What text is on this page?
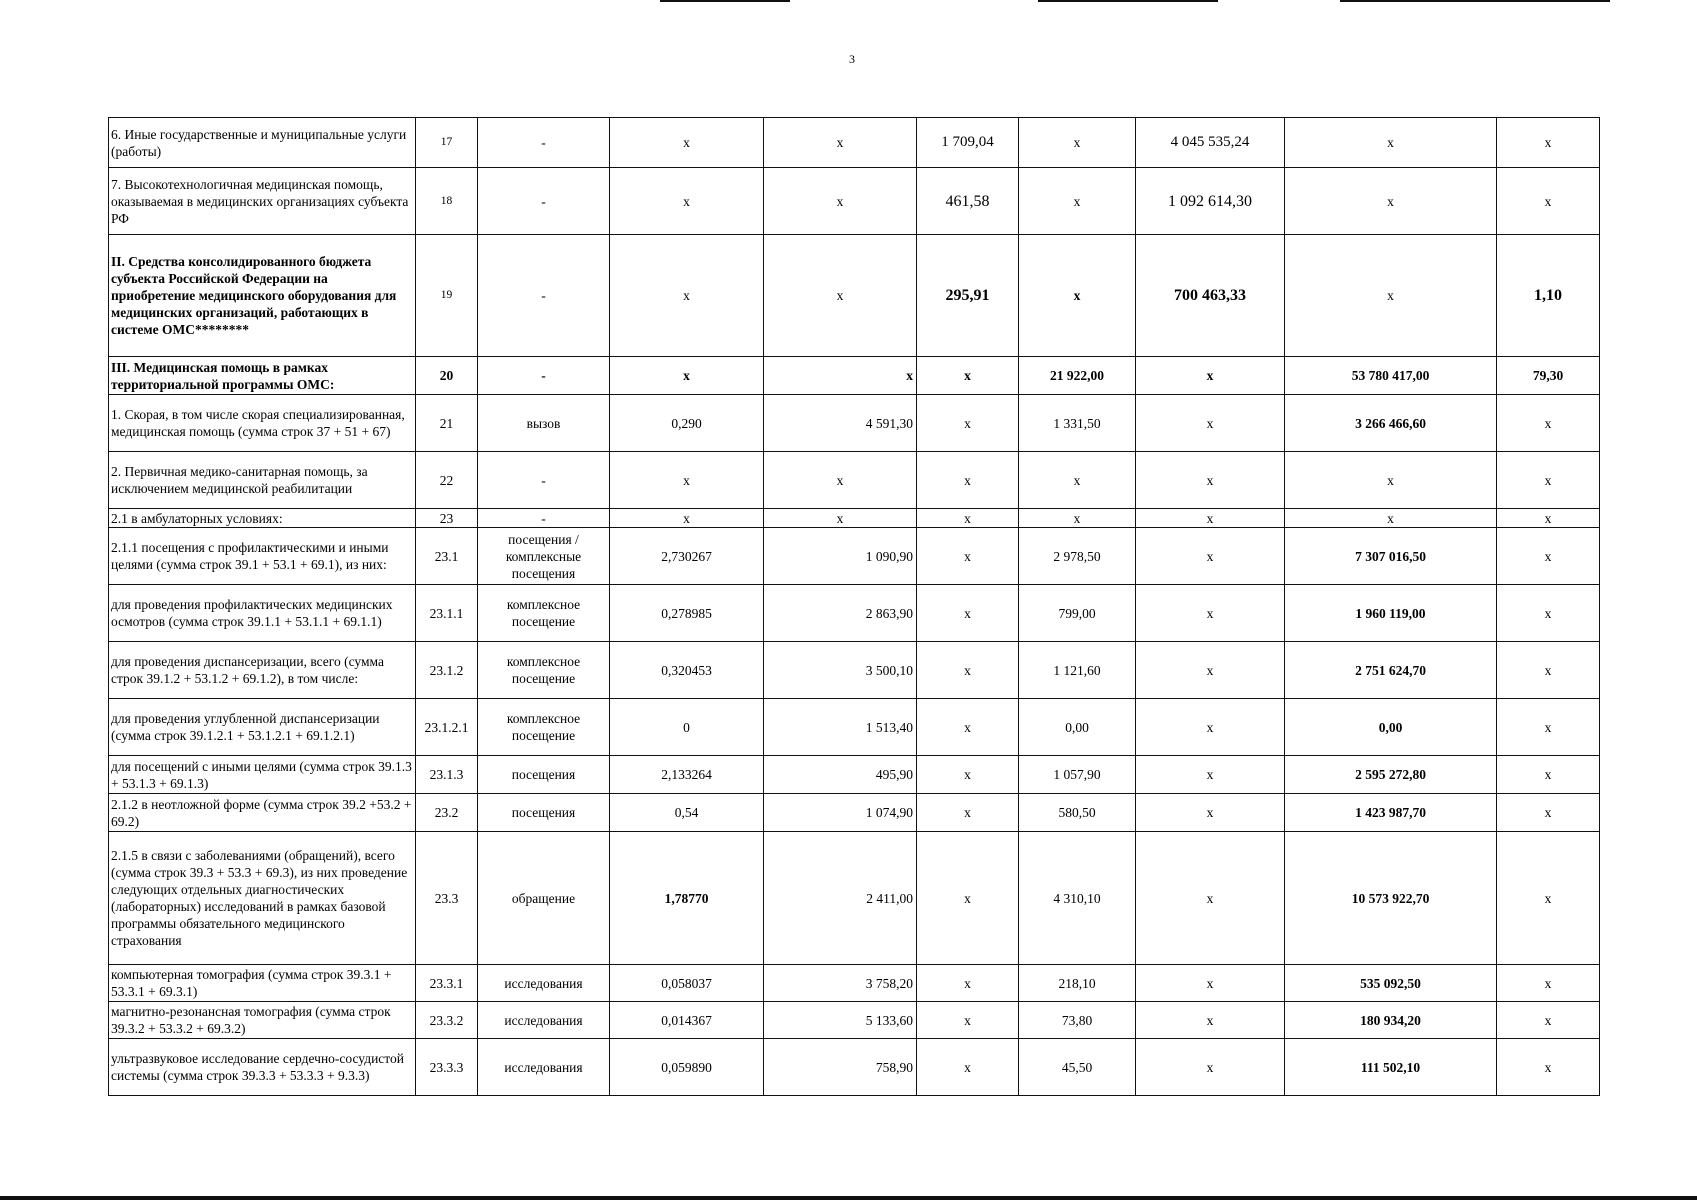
3
6. Иные государственные и муниципальные услуги (работы)	17	-	х	х	1 709,04	х	4 045 535,24	х	х
7. Высокотехнологичная медицинская помощь, оказываемая в медицинских организациях субъекта РФ	18	-	х	х	461,58	х	1 092 614,30	х	х
II. Средства консолидированного бюджета субъекта Российской Федерации на приобретение медицинского оборудования для медицинских организаций, работающих в системе ОМС********	19	-	х	х	295,91	х	700 463,33	х	1,10
III. Медицинская помощь в рамках территориальной программы ОМС:	20	-	х	х	х	21 922,00	х	53 780 417,00	79,30
1. Скорая, в том числе скорая специализированная, медицинская помощь (сумма строк 37 + 51 + 67)	21	вызов	0,290	4 591,30	х	1 331,50	х	3 266 466,60	х
2. Первичная медико-санитарная помощь, за исключением медицинской реабилитации	22	-	х	х	х	х	х	х	х
2.1 в амбулаторных условиях:	23	-	х	х	х	х	х	х	х
2.1.1 посещения с профилактическими и иными целями (сумма строк 39.1 + 53.1 + 69.1), из них:	23.1	посещения / комплексные посещения	2,730267	1 090,90	х	2 978,50	х	7 307 016,50	х
для проведения профилактических медицинских осмотров (сумма строк 39.1.1 + 53.1.1 + 69.1.1)	23.1.1	комплексное посещение	0,278985	2 863,90	х	799,00	х	1 960 119,00	х
для проведения диспансеризации, всего (сумма строк 39.1.2 + 53.1.2 + 69.1.2), в том числе:	23.1.2	комплексное посещение	0,320453	3 500,10	х	1 121,60	х	2 751 624,70	х
для проведения углубленной диспансеризации (сумма строк 39.1.2.1 + 53.1.2.1 + 69.1.2.1)	23.1.2.1	комплексное посещение	0	1 513,40	х	0,00	х	0,00	х
для посещений с иными целями (сумма строк 39.1.3 + 53.1.3 + 69.1.3)	23.1.3	посещения	2,133264	495,90	х	1 057,90	х	2 595 272,80	х
2.1.2 в неотложной форме (сумма строк 39.2 +53.2 + 69.2)	23.2	посещения	0,54	1 074,90	х	580,50	х	1 423 987,70	х
2.1.5 в связи с заболеваниями (обращений), всего (сумма строк 39.3 + 53.3 + 69.3), из них проведение следующих отдельных диагностических (лабораторных) исследований в рамках базовой программы обязательного медицинского страхования	23.3	обращение	1,78770	2 411,00	х	4 310,10	х	10 573 922,70	х
компьютерная томография (сумма строк 39.3.1 + 53.3.1 + 69.3.1)	23.3.1	исследования	0,058037	3 758,20	х	218,10	х	535 092,50	х
магнитно-резонансная томография (сумма строк 39.3.2 + 53.3.2 + 69.3.2)	23.3.2	исследования	0,014367	5 133,60	х	73,80	х	180 934,20	х
ультразвуковое исследование сердечно-сосудистой системы (сумма строк 39.3.3 + 53.3.3 + 9.3.3)	23.3.3	исследования	0,059890	758,90	х	45,50	х	111 502,10	х
